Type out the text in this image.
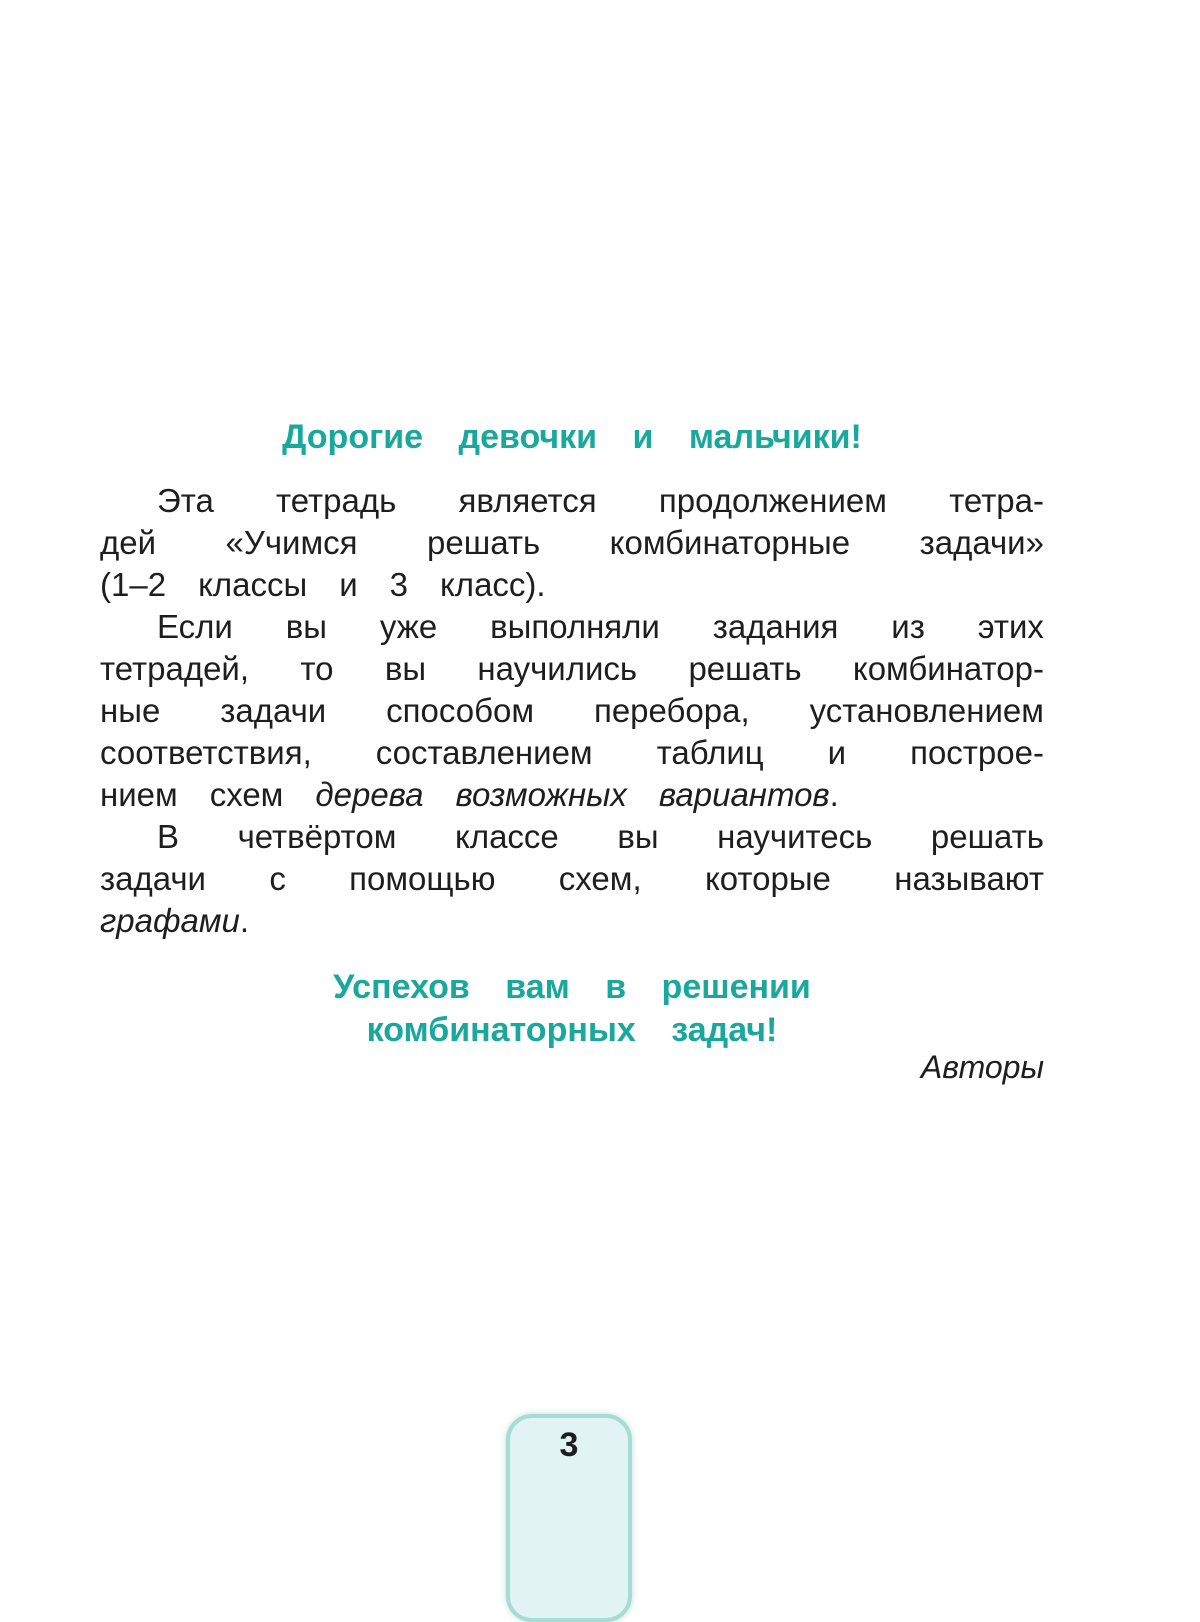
Дорогие девочки и мальчики!
Эта тетрадь является продолжением тетра-
дей «Учимся решать комбинаторные задачи»
(1–2 классы и 3 класс).
Если вы уже выполняли задания из этих
тетрадей, то вы научились решать комбинатор-
ные задачи способом перебора, установлением
соответствия, составлением таблиц и построе-
нием схем дерева возможных вариантов.
В четвёртом классе вы научитесь решать
задачи с помощью схем, которые называют
графами.
Успехов вам в решении
комбинаторных задач!
Авторы
3
